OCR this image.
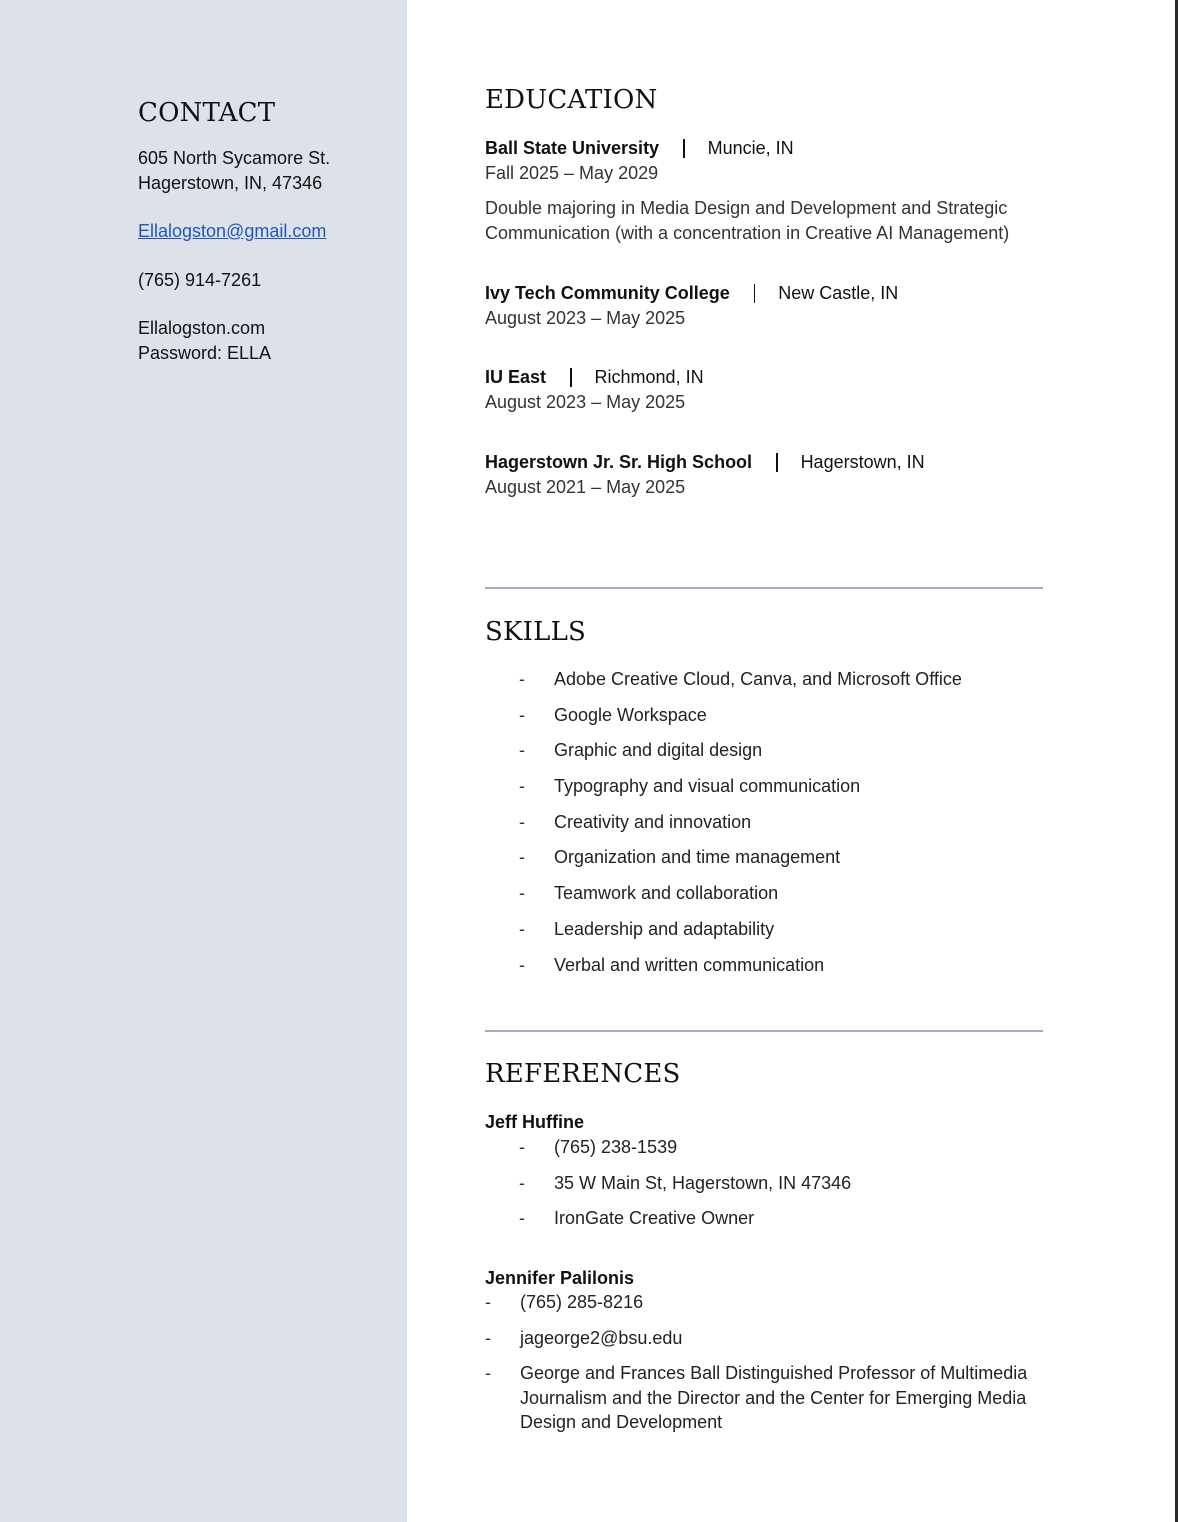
CONTACT

605 North Sycamore St.

Hagerstown, IN, 47346

Ellalogston@gmail.com

(765) 914-7261

Ellalogston.com

Password: ELLA

EDUCATION
Ball State University	Muncie, IN
Fall 2025 – May 2029
Double majoring in Media Design and Development and Strategic Communication (with a concentration in Creative AI Management)
Ivy Tech Community College	New Castle, IN
August 2023 – May 2025
IU East	Richmond, IN
August 2023 – May 2025
Hagerstown Jr. Sr. High School	Hagerstown, IN
August 2021 – May 2025
SKILLS
- Adobe Creative Cloud, Canva, and Microsoft Office
- Google Workspace
- Graphic and digital design
- Typography and visual communication
- Creativity and innovation
- Organization and time management
- Teamwork and collaboration
- Leadership and adaptability
- Verbal and written communication
REFERENCES
Jeff Huffine
- (765) 238-1539
- 35 W Main St, Hagerstown, IN 47346
- IronGate Creative Owner
Jennifer Palilonis
- (765) 285-8216
- jageorge2@bsu.edu
- George and Frances Ball Distinguished Professor of Multimedia Journalism and the Director and the Center for Emerging Media Design and Development
